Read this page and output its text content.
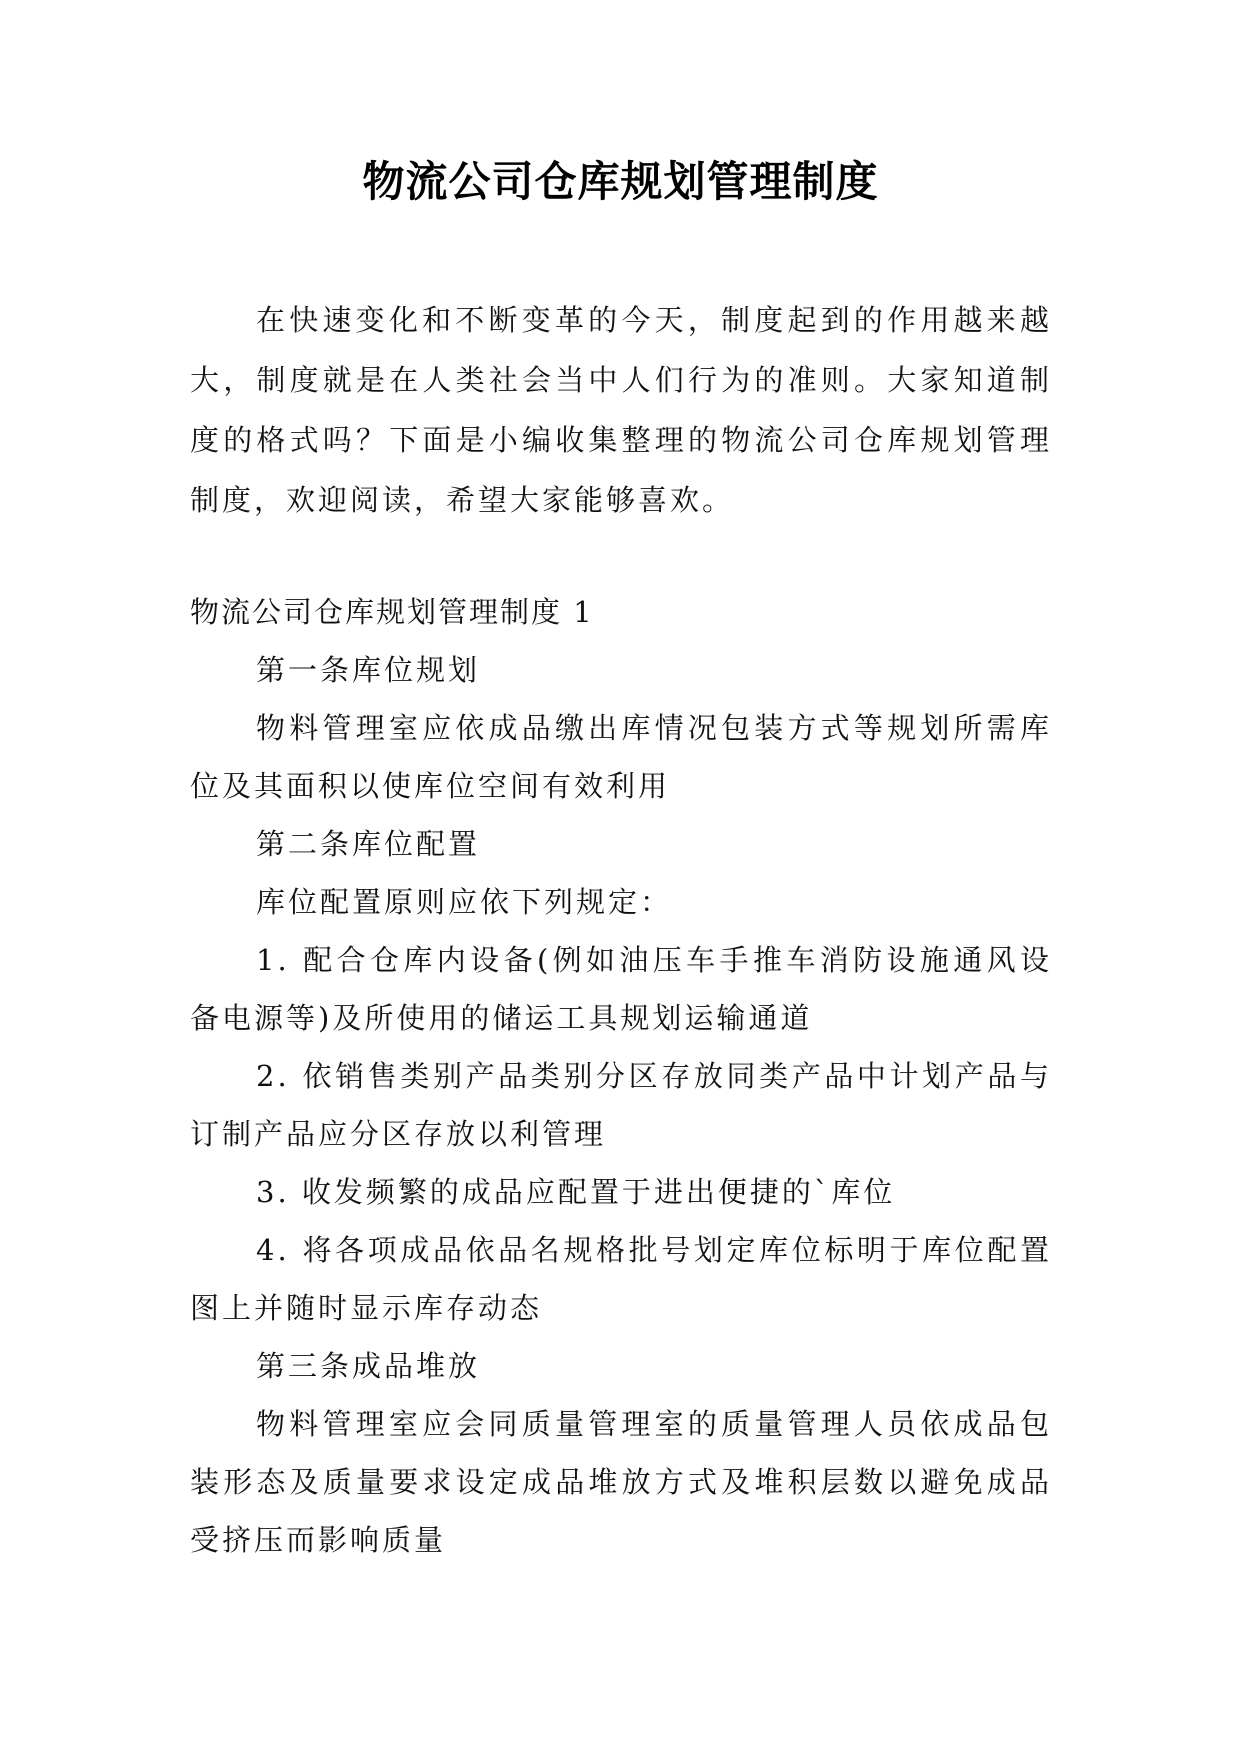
物流公司仓库规划管理制度
在快速变化和不断变革的今天，制度起到的作用越来越大，制度就是在人类社会当中人们行为的准则。大家知道制度的格式吗？下面是小编收集整理的物流公司仓库规划管理制度，欢迎阅读，希望大家能够喜欢。

物流公司仓库规划管理制度 1

第一条库位规划

物料管理室应依成品缴出库情况包装方式等规划所需库位及其面积以使库位空间有效利用

第二条库位配置

库位配置原则应依下列规定：

1. 配合仓库内设备(例如油压车手推车消防设施通风设备电源等)及所使用的储运工具规划运输通道

2. 依销售类别产品类别分区存放同类产品中计划产品与订制产品应分区存放以利管理

3. 收发频繁的成品应配置于进出便捷的`库位

4. 将各项成品依品名规格批号划定库位标明于库位配置图上并随时显示库存动态

第三条成品堆放

物料管理室应会同质量管理室的质量管理人员依成品包装形态及质量要求设定成品堆放方式及堆积层数以避免成品受挤压而影响质量
